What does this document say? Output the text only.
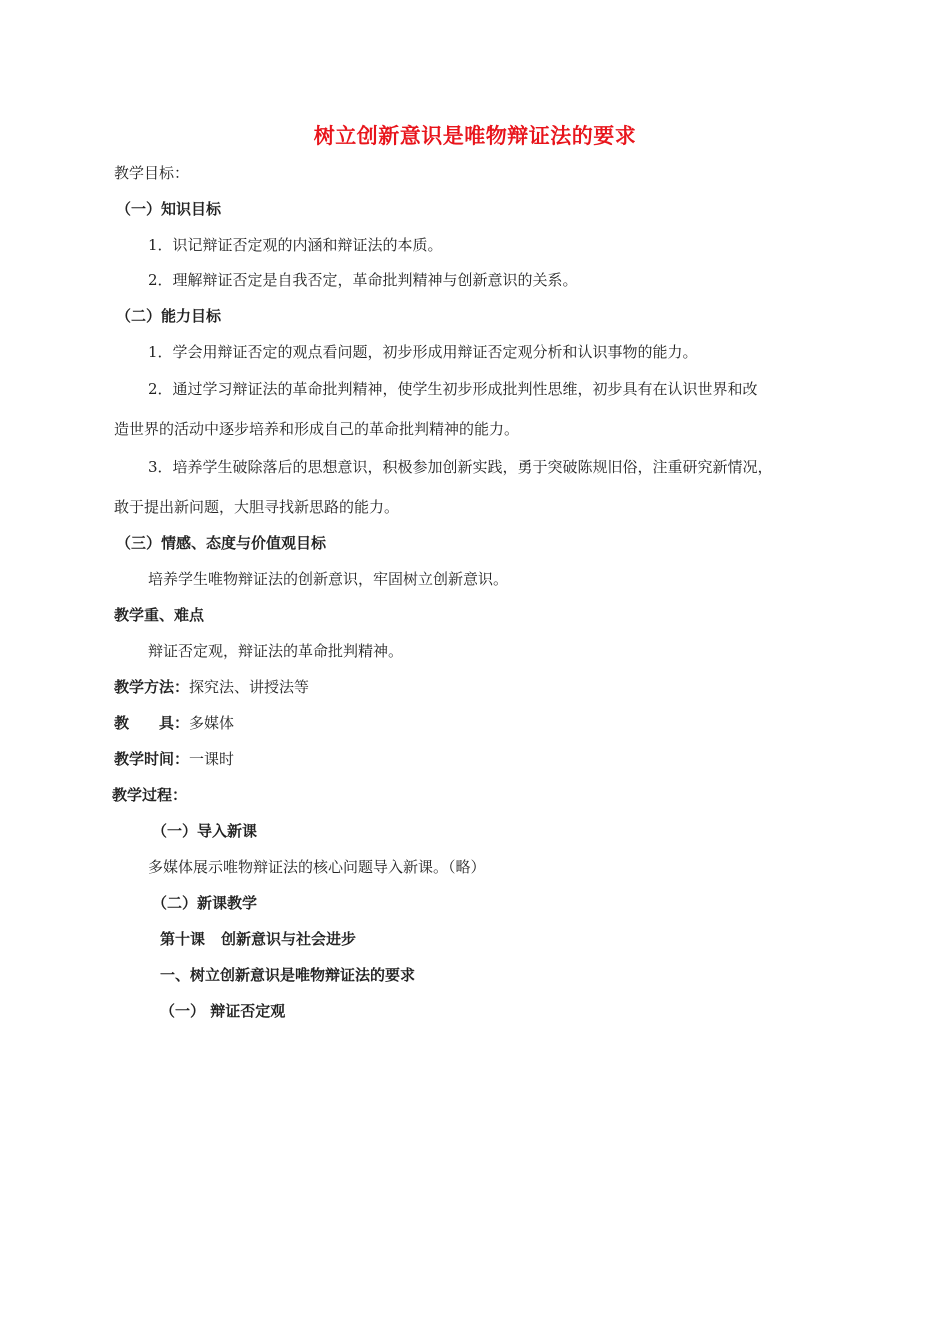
树立创新意识是唯物辩证法的要求
教学目标：
（一）知识目标
1．识记辩证否定观的内涵和辩证法的本质。
2．理解辩证否定是自我否定，革命批判精神与创新意识的关系。
（二）能力目标
1．学会用辩证否定的观点看问题，初步形成用辩证否定观分析和认识事物的能力。
2．通过学习辩证法的革命批判精神，使学生初步形成批判性思维，初步具有在认识世界和改
造世界的活动中逐步培养和形成自己的革命批判精神的能力。
3．培养学生破除落后的思想意识，积极参加创新实践，勇于突破陈规旧俗，注重研究新情况，
敢于提出新问题，大胆寻找新思路的能力。
（三）情感、态度与价值观目标
培养学生唯物辩证法的创新意识，牢固树立创新意识。
教学重、难点
辩证否定观，辩证法的革命批判精神。
教学方法：探究法、讲授法等
教 具：多媒体
教学时间：一课时
教学过程：
（一）导入新课
多媒体展示唯物辩证法的核心问题导入新课。（略）
（二）新课教学
第十课 创新意识与社会进步
一、树立创新意识是唯物辩证法的要求
（一） 辩证否定观
